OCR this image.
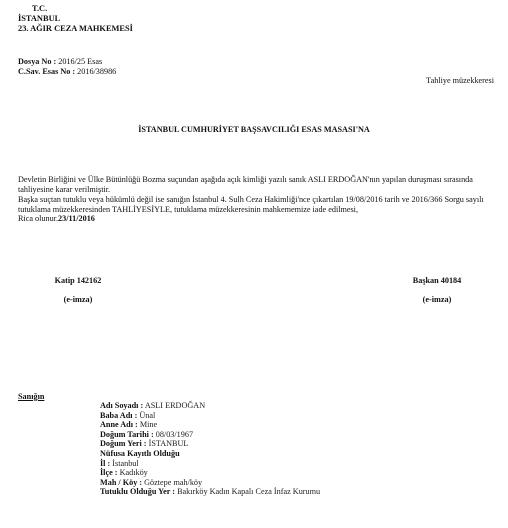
T.C.
İSTANBUL
23. AĞIR CEZA MAHKEMESİ
Dosya No : 2016/25 Esas
C.Sav. Esas No : 2016/38986
Tahliye müzekkeresi
İSTANBUL CUMHURİYET BAŞSAVCILIĞI ESAS MASASI'NA

Devletin Birliğini ve Ülke Bütünlüğü Bozma suçundan aşağıda açık kimliği yazılı sanık ASLI ERDOĞAN'nın yapılan duruşması sırasında tahliyesine karar verilmiştir.

Başka suçtan tutuklu veya hükümlü değil ise sanığın İstanbul 4. Sulh Ceza Hakimliği'nce çıkartılan 19/08/2016 tarih ve 2016/366 Sorgu sayılı tutuklama müzekkeresinden TAHLİYESİYLE, tutuklama müzekkeresinin mahkememize iade edilmesi,

Rica olunur.23/11/2016

Katip 142162
(e-imza)
Başkan 40184
(e-imza)
Sanığın
Adı Soyadı : ASLI ERDOĞAN
Baba Adı : Ünal
Anne Adı : Mine
Doğum Tarihi : 08/03/1967
Doğum Yeri : İSTANBUL
Nüfusa Kayıtlı Olduğu
İl : İstanbul
İlçe : Kadıköy
Mah / Köy : Göztepe mah/köy
Tutuklu Olduğu Yer : Bakırköy Kadın Kapalı Ceza İnfaz Kurumu
